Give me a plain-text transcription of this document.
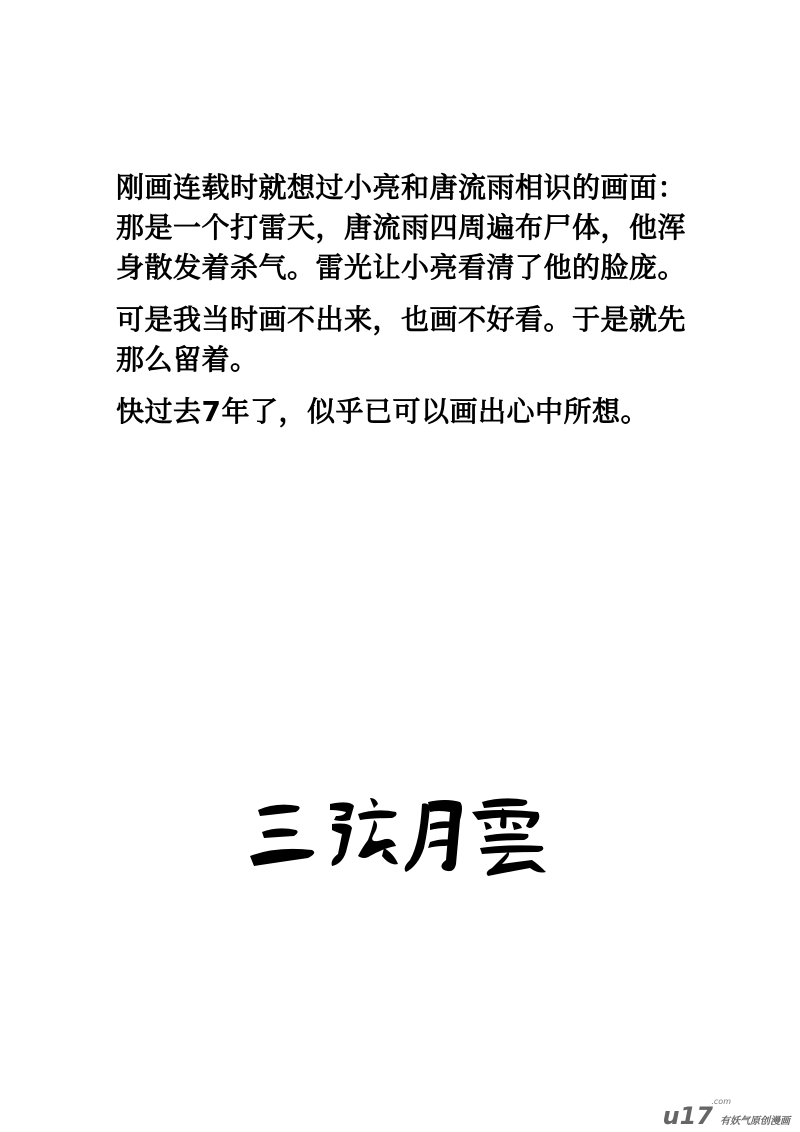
刚画连载时就想过小亮和唐流雨相识的画面：那是一个打雷天，唐流雨四周遍布尸体，他浑身散发着杀气。雷光让小亮看清了他的脸庞。

可是我当时画不出来，也画不好看。于是就先那么留着。

快过去7年了，似乎已可以画出心中所想。

u17
.com
有妖气原创漫画
